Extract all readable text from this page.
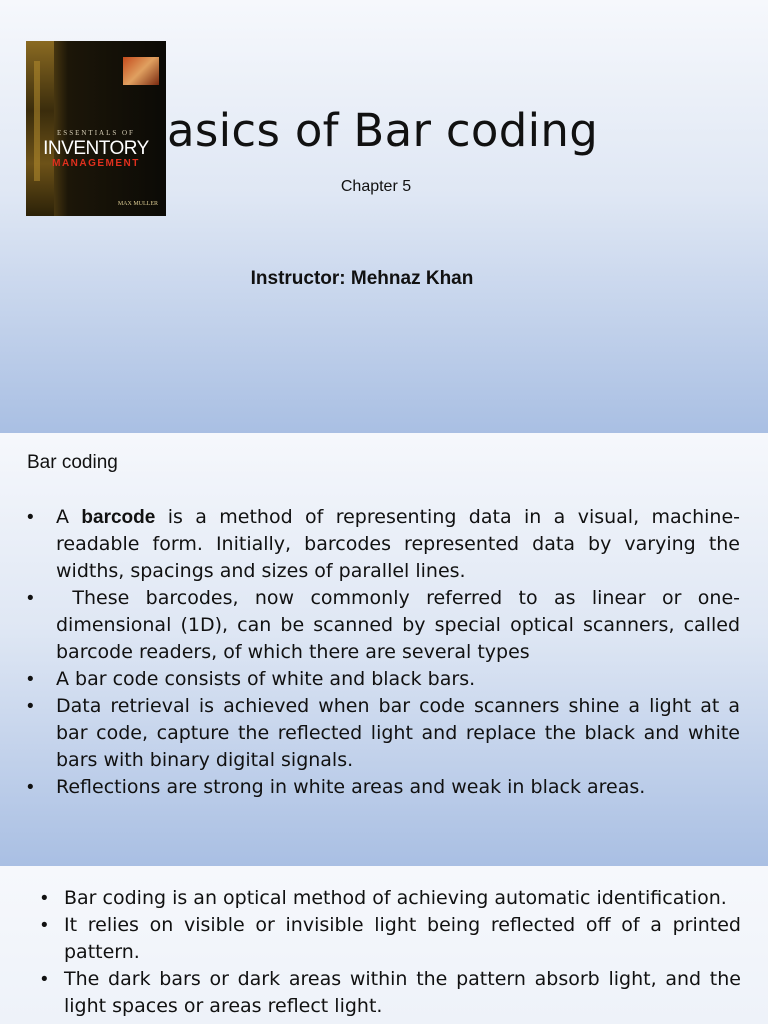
ESSENTIALS OF
INVENTORY
MANAGEMENT
MAX MULLER
asics of Bar coding
Chapter 5
Instructor: Mehnaz Khan
Bar coding
• A barcode is a method of representing data in a visual, machine-readable form. Initially, barcodes represented data by varying the widths, spacings and sizes of parallel lines.
•  These barcodes, now commonly referred to as linear or one-dimensional (1D), can be scanned by special optical scanners, called barcode readers, of which there are several types
• A bar code consists of white and black bars.
• Data retrieval is achieved when bar code scanners shine a light at a bar code, capture the reflected light and replace the black and white bars with binary digital signals.
• Reflections are strong in white areas and weak in black areas.
• Bar coding is an optical method of achieving automatic identification.
• It relies on visible or invisible light being reflected off of a printed pattern.
• The dark bars or dark areas within the pattern absorb light, and the light spaces or areas reflect light.
